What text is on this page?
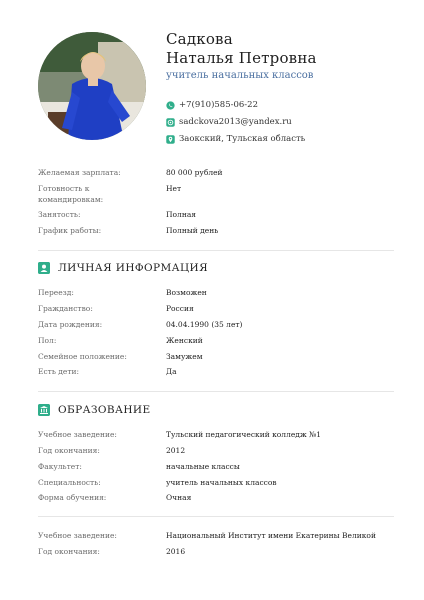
Садкова
Наталья Петровна
учитель начальных классов
+7(910)585-06-22
sadckova2013@yandex.ru
Заокский, Тульская область
Желаемая зарплата:	80 000 рублей
Готовность к командировкам:
Нет
Занятость:	Полная
График работы:	Полный день
ЛИЧНАЯ ИНФОРМАЦИЯ
Переезд:	Возможен
Гражданство:	Россия
Дата рождения:	04.04.1990 (35 лет)
Пол:	Женский
Семейное положение:	Замужем
Есть дети:	Да
ОБРАЗОВАНИЕ
Учебное заведение:	Тульский педагогический колледж №1
Год окончания:	2012
Факультет:	начальные классы
Специальность:	учитель начальных классов
Форма обучения:	Очная
Учебное заведение:	Национальный Институт имени Екатерины Великой
Год окончания:	2016
